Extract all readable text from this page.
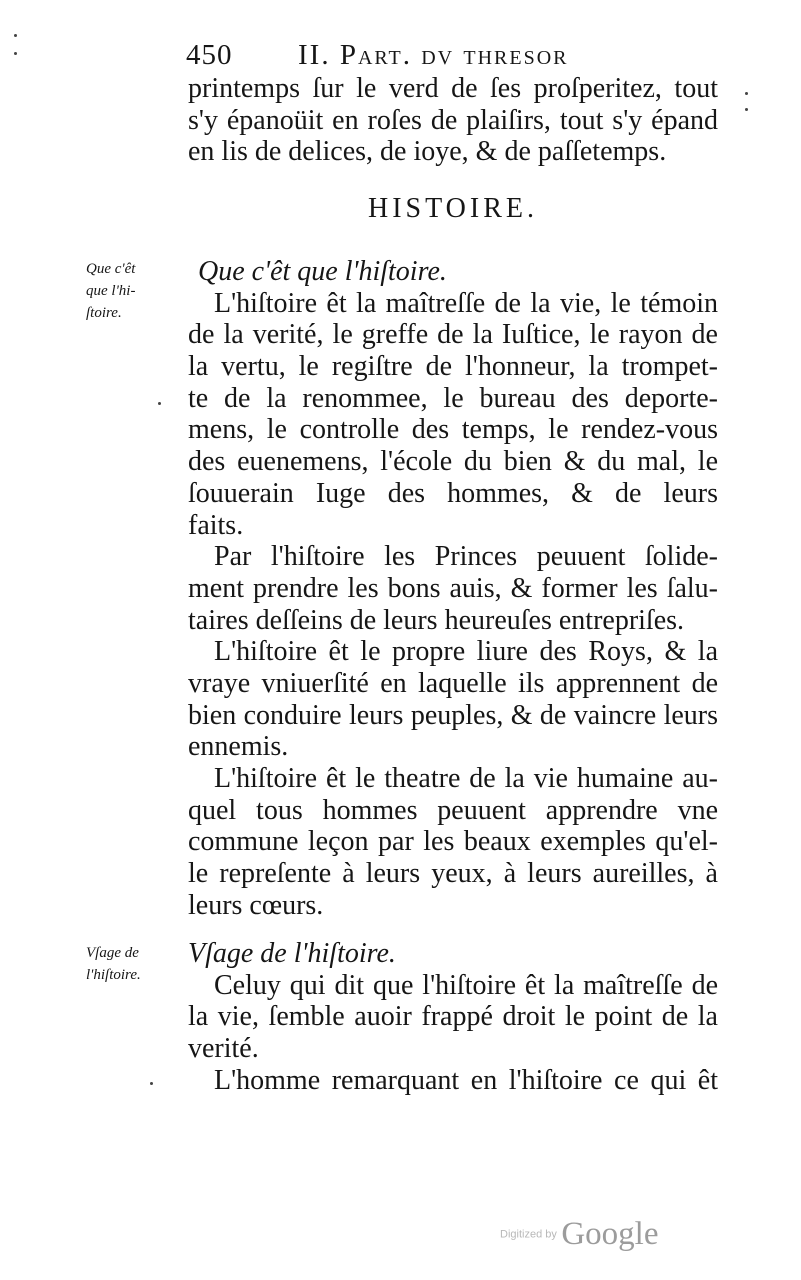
450 II. Part. dv thresor
printemps ſur le verd de ſes proſperitez, tout
s'y épanoüit en roſes de plaiſirs, tout s'y épand
en lis de delices, de ioye, & de paſſetemps.
HISTOIRE.
Que c'êt
que l'hi-
ſtoire.
Que c'êt que l'hiſtoire.
L'hiſtoire êt la maîtreſſe de la vie, le témoin
de la verité, le greffe de la Iuſtice, le rayon de
la vertu, le regiſtre de l'honneur, la trompet-
te de la renommee, le bureau des deporte-
mens, le controlle des temps, le rendez-vous
des euenemens, l'école du bien & du mal, le
ſouuerain Iuge des hommes, & de leurs
faits.
Par l'hiſtoire les Princes peuuent ſolide-
ment prendre les bons auis, & former les ſalu-
taires deſſeins de leurs heureuſes entrepriſes.
L'hiſtoire êt le propre liure des Roys, & la
vraye vniuerſité en laquelle ils apprennent de
bien conduire leurs peuples, & de vaincre leurs
ennemis.
L'hiſtoire êt le theatre de la vie humaine au-
quel tous hommes peuuent apprendre vne
commune leçon par les beaux exemples qu'el-
le repreſente à leurs yeux, à leurs aureilles, à
leurs cœurs.
Vſage de
l'hiſtoire.
Vſage de l'hiſtoire.
Celuy qui dit que l'hiſtoire êt la maîtreſſe de
la vie, ſemble auoir frappé droit le point de la
verité.
L'homme remarquant en l'hiſtoire ce qui êt
Digitized by Google
